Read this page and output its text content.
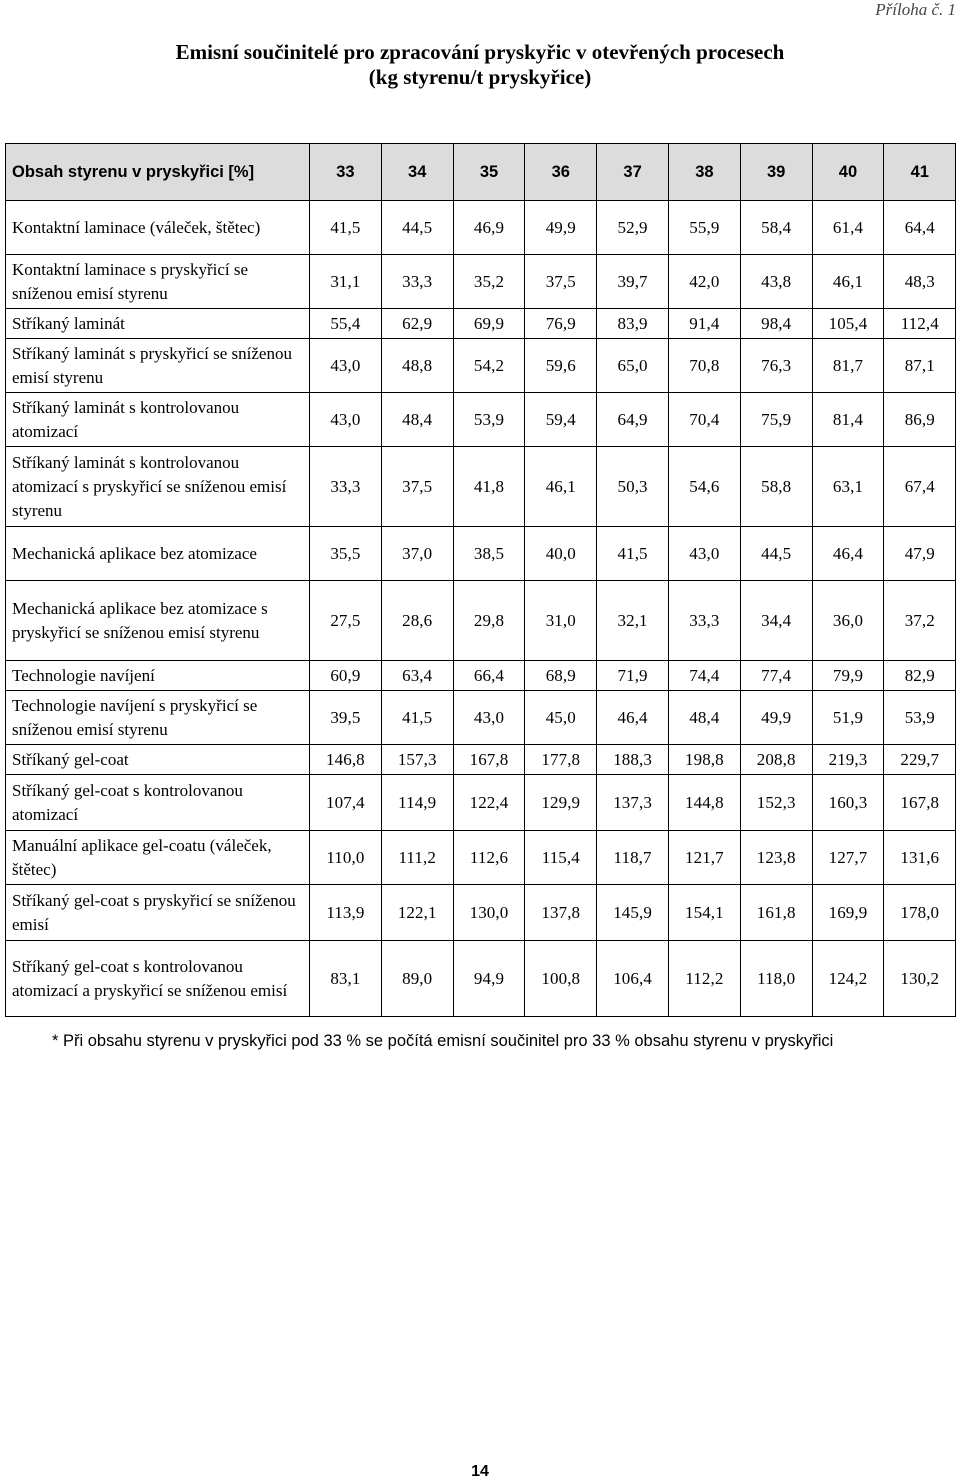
Příloha č. 1
Emisní součinitelé pro zpracování pryskyřic v otevřených procesech
(kg styrenu/t pryskyřice)
Obsah styrenu v pryskyřici [%]	33	34	35	36	37	38	39	40	41
Kontaktní laminace (váleček, štětec)	41,5	44,5	46,9	49,9	52,9	55,9	58,4	61,4	64,4
Kontaktní laminace s pryskyřicí se sníženou emisí styrenu	31,1	33,3	35,2	37,5	39,7	42,0	43,8	46,1	48,3
Stříkaný laminát	55,4	62,9	69,9	76,9	83,9	91,4	98,4	105,4	112,4
Stříkaný laminát s pryskyřicí se sníženou emisí styrenu	43,0	48,8	54,2	59,6	65,0	70,8	76,3	81,7	87,1
Stříkaný laminát s kontrolovanou atomizací	43,0	48,4	53,9	59,4	64,9	70,4	75,9	81,4	86,9
Stříkaný laminát s kontrolovanou atomizací s pryskyřicí se sníženou emisí styrenu	33,3	37,5	41,8	46,1	50,3	54,6	58,8	63,1	67,4
Mechanická aplikace bez atomizace	35,5	37,0	38,5	40,0	41,5	43,0	44,5	46,4	47,9
Mechanická aplikace bez atomizace s pryskyřicí se sníženou emisí styrenu	27,5	28,6	29,8	31,0	32,1	33,3	34,4	36,0	37,2
Technologie navíjení	60,9	63,4	66,4	68,9	71,9	74,4	77,4	79,9	82,9
Technologie navíjení s pryskyřicí se sníženou emisí styrenu	39,5	41,5	43,0	45,0	46,4	48,4	49,9	51,9	53,9
Stříkaný gel-coat	146,8	157,3	167,8	177,8	188,3	198,8	208,8	219,3	229,7
Stříkaný gel-coat s kontrolovanou atomizací	107,4	114,9	122,4	129,9	137,3	144,8	152,3	160,3	167,8
Manuální aplikace gel-coatu (váleček, štětec)	110,0	111,2	112,6	115,4	118,7	121,7	123,8	127,7	131,6
Stříkaný gel-coat s pryskyřicí se sníženou emisí	113,9	122,1	130,0	137,8	145,9	154,1	161,8	169,9	178,0
Stříkaný gel-coat s kontrolovanou atomizací a pryskyřicí se sníženou emisí	83,1	89,0	94,9	100,8	106,4	112,2	118,0	124,2	130,2
* Při obsahu styrenu v pryskyřici pod 33 % se počítá emisní součinitel pro 33 % obsahu styrenu v pryskyřici
14
